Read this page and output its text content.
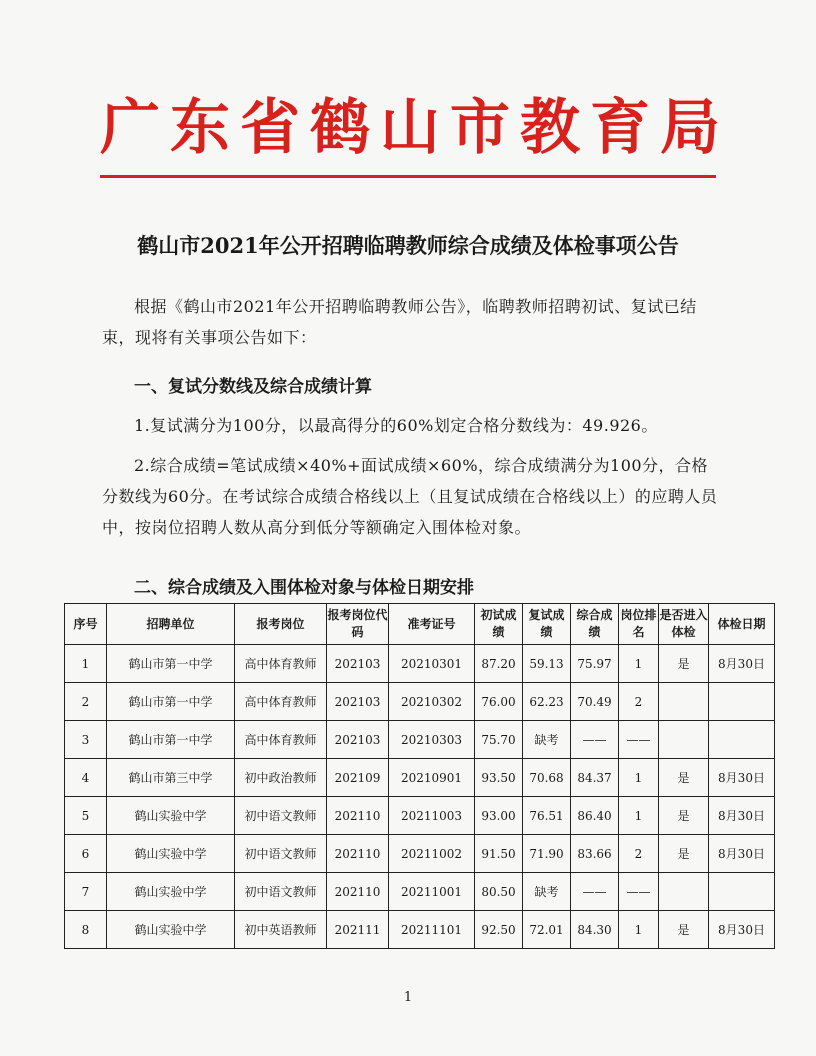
广东省鹤山市教育局
鹤山市2021年公开招聘临聘教师综合成绩及体检事项公告
根据《鹤山市2021年公开招聘临聘教师公告》，临聘教师招聘初试、复试已结束，现将有关事项公告如下：
一、复试分数线及综合成绩计算
1.复试满分为100分，以最高得分的60%划定合格分数线为：49.926。
2.综合成绩=笔试成绩×40%+面试成绩×60%，综合成绩满分为100分，合格分数线为60分。在考试综合成绩合格线以上（且复试成绩在合格线以上）的应聘人员中，按岗位招聘人数从高分到低分等额确定入围体检对象。
二、综合成绩及入围体检对象与体检日期安排
序号	招聘单位	报考岗位	报考岗位代码	准考证号	初试成绩	复试成绩	综合成绩	岗位排名	是否进入体检	体检日期
1	鹤山市第一中学	高中体育教师	202103	20210301	87.20	59.13	75.97	1	是	8月30日
2	鹤山市第一中学	高中体育教师	202103	20210302	76.00	62.23	70.49	2		
3	鹤山市第一中学	高中体育教师	202103	20210303	75.70	缺考	——	——		
4	鹤山市第三中学	初中政治教师	202109	20210901	93.50	70.68	84.37	1	是	8月30日
5	鹤山实验中学	初中语文教师	202110	20211003	93.00	76.51	86.40	1	是	8月30日
6	鹤山实验中学	初中语文教师	202110	20211002	91.50	71.90	83.66	2	是	8月30日
7	鹤山实验中学	初中语文教师	202110	20211001	80.50	缺考	——	——		
8	鹤山实验中学	初中英语教师	202111	20211101	92.50	72.01	84.30	1	是	8月30日
1
